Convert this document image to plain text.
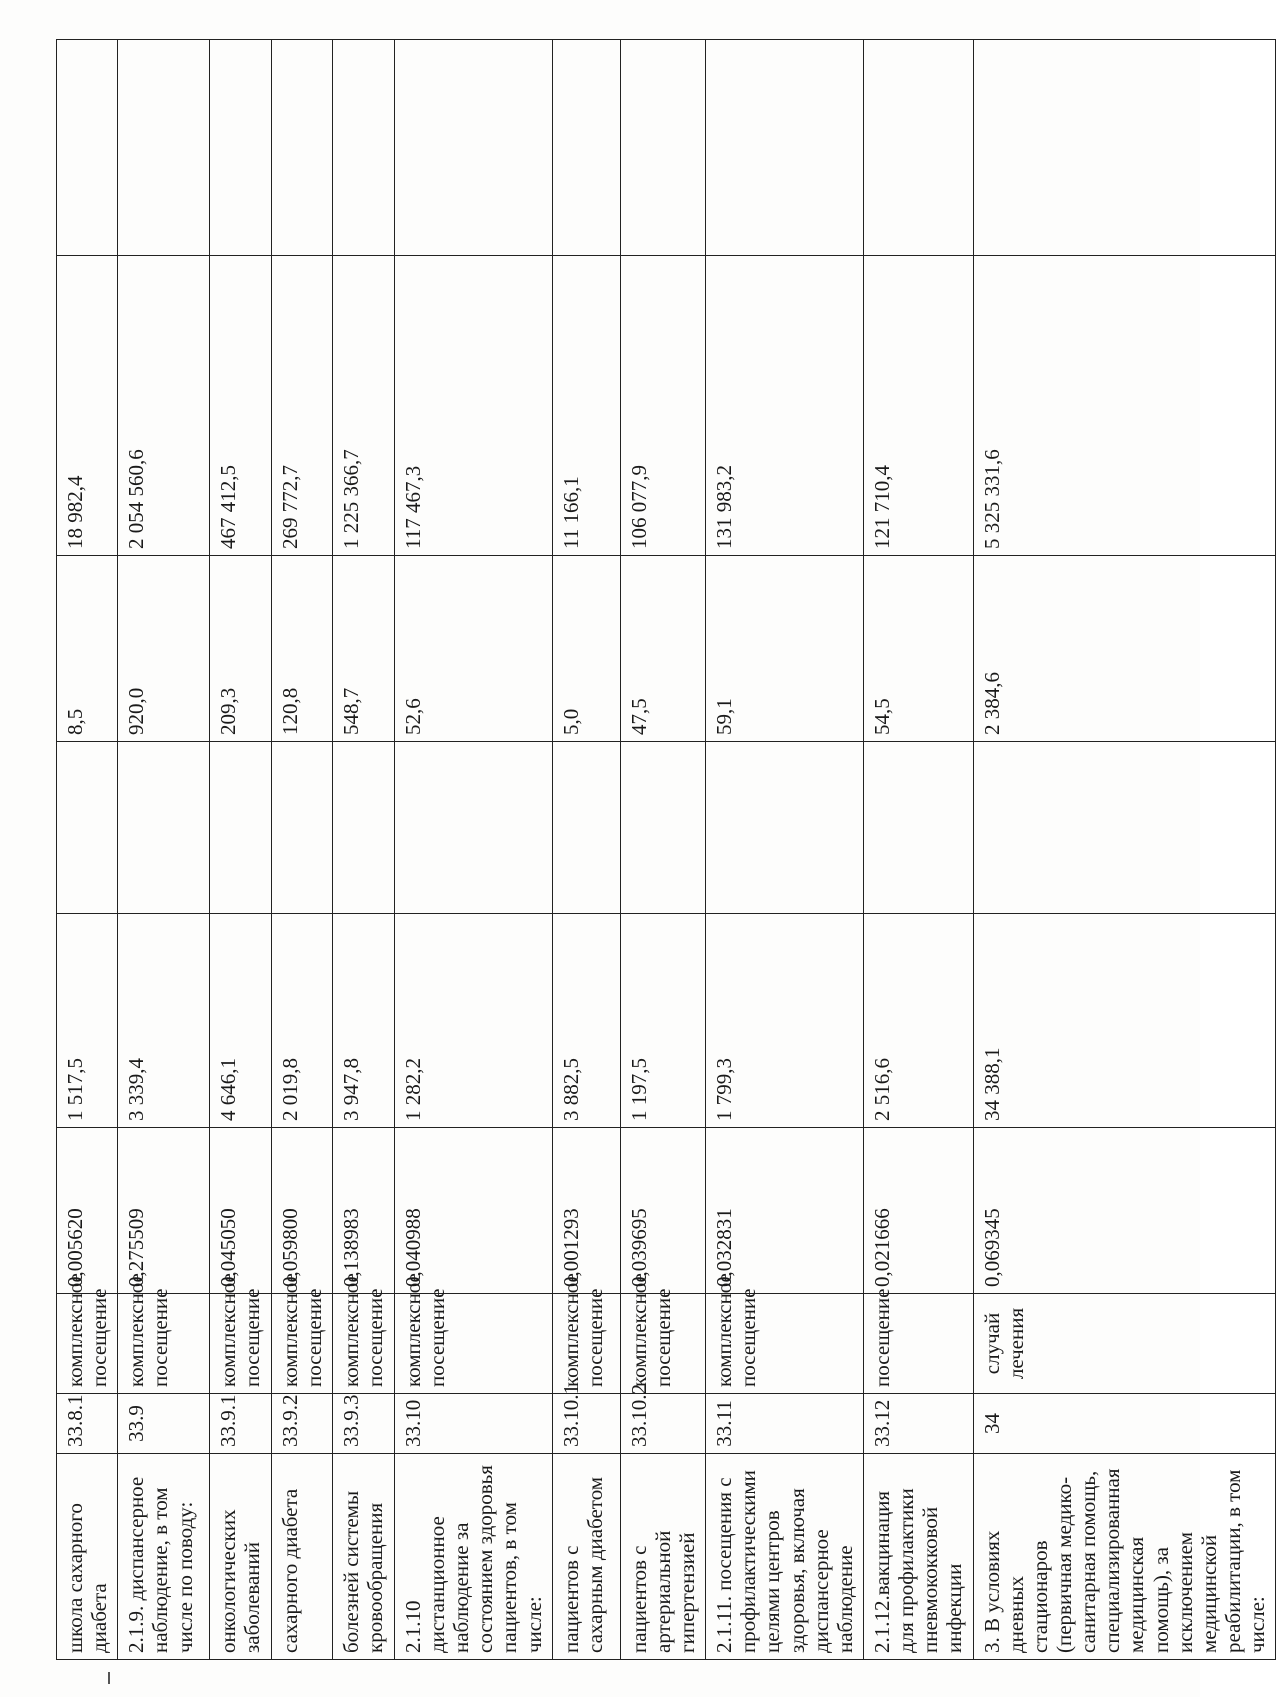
школа сахарного диабета	33.8.1	комплексное посещение	0,005620	1 517,5		8,5	18 982,4	
2.1.9. диспансерное наблюдение, в том числе по поводу:	33.9	комплексное посещение	0,275509	3 339,4		920,0	2 054 560,6	
онкологических заболеваний	33.9.1	комплексное посещение	0,045050	4 646,1		209,3	467 412,5	
сахарного диабета	33.9.2	комплексное посещение	0,059800	2 019,8		120,8	269 772,7	
болезней системы кровообращения	33.9.3	комплексное посещение	0,138983	3 947,8		548,7	1 225 366,7	
2.1.10 дистанционное наблюдение за состоянием здоровья пациентов, в том числе:	33.10	комплексное посещение	0,040988	1 282,2		52,6	117 467,3	
пациентов с сахарным диабетом	33.10.1	комплексное посещение	0,001293	3 882,5		5,0	11 166,1	
пациентов с артериальной гипертензией	33.10.2	комплексное посещение	0,039695	1 197,5		47,5	106 077,9	
2.1.11. посещения с профилактическими целями центров здоровья, включая диспансерное наблюдение	33.11	комплексное посещение	0,032831	1 799,3		59,1	131 983,2	
2.1.12.вакцинация для профилактики пневмококковой инфекции	33.12	посещение	0,021666	2 516,6		54,5	121 710,4	
3. В условиях дневных стационаров (первичная медико-санитарная помощь, специализированная медицинская помощь), за исключением медицинской реабилитации, в том числе:	34	случай лечения	0,069345	34 388,1		2 384,6	5 325 331,6	
